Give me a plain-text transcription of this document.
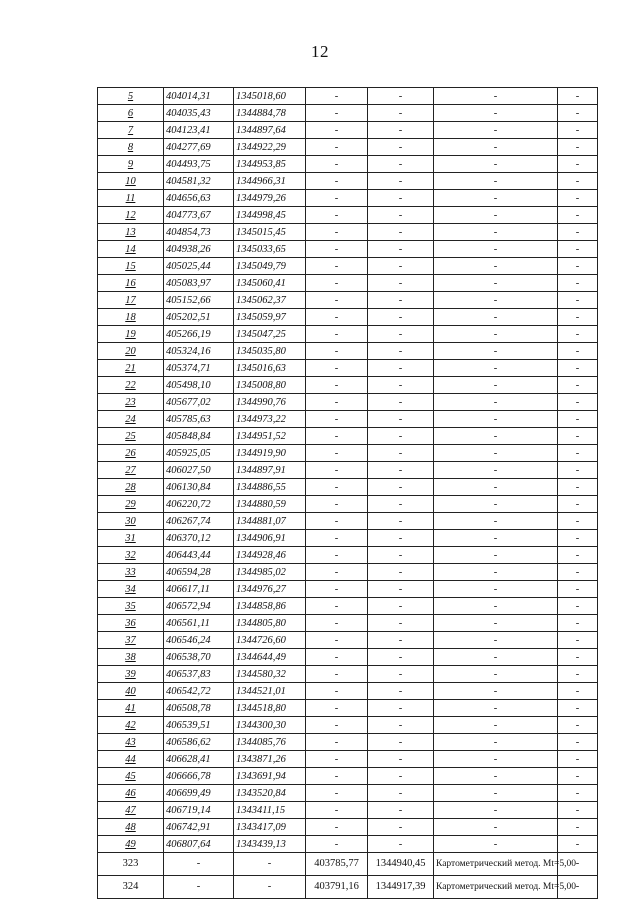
12
5	404014,31	1345018,60	-	-	-	-
6	404035,43	1344884,78	-	-	-	-
7	404123,41	1344897,64	-	-	-	-
8	404277,69	1344922,29	-	-	-	-
9	404493,75	1344953,85	-	-	-	-
10	404581,32	1344966,31	-	-	-	-
11	404656,63	1344979,26	-	-	-	-
12	404773,67	1344998,45	-	-	-	-
13	404854,73	1345015,45	-	-	-	-
14	404938,26	1345033,65	-	-	-	-
15	405025,44	1345049,79	-	-	-	-
16	405083,97	1345060,41	-	-	-	-
17	405152,66	1345062,37	-	-	-	-
18	405202,51	1345059,97	-	-	-	-
19	405266,19	1345047,25	-	-	-	-
20	405324,16	1345035,80	-	-	-	-
21	405374,71	1345016,63	-	-	-	-
22	405498,10	1345008,80	-	-	-	-
23	405677,02	1344990,76	-	-	-	-
24	405785,63	1344973,22	-	-	-	-
25	405848,84	1344951,52	-	-	-	-
26	405925,05	1344919,90	-	-	-	-
27	406027,50	1344897,91	-	-	-	-
28	406130,84	1344886,55	-	-	-	-
29	406220,72	1344880,59	-	-	-	-
30	406267,74	1344881,07	-	-	-	-
31	406370,12	1344906,91	-	-	-	-
32	406443,44	1344928,46	-	-	-	-
33	406594,28	1344985,02	-	-	-	-
34	406617,11	1344976,27	-	-	-	-
35	406572,94	1344858,86	-	-	-	-
36	406561,11	1344805,80	-	-	-	-
37	406546,24	1344726,60	-	-	-	-
38	406538,70	1344644,49	-	-	-	-
39	406537,83	1344580,32	-	-	-	-
40	406542,72	1344521,01	-	-	-	-
41	406508,78	1344518,80	-	-	-	-
42	406539,51	1344300,30	-	-	-	-
43	406586,62	1344085,76	-	-	-	-
44	406628,41	1343871,26	-	-	-	-
45	406666,78	1343691,94	-	-	-	-
46	406699,49	1343520,84	-	-	-	-
47	406719,14	1343411,15	-	-	-	-
48	406742,91	1343417,09	-	-	-	-
49	406807,64	1343439,13	-	-	-	-
323	-	-	403785,77	1344940,45	Картометрический метод. Mt=5,00	-
324	-	-	403791,16	1344917,39	Картометрический метод. Mt=5,00	-
